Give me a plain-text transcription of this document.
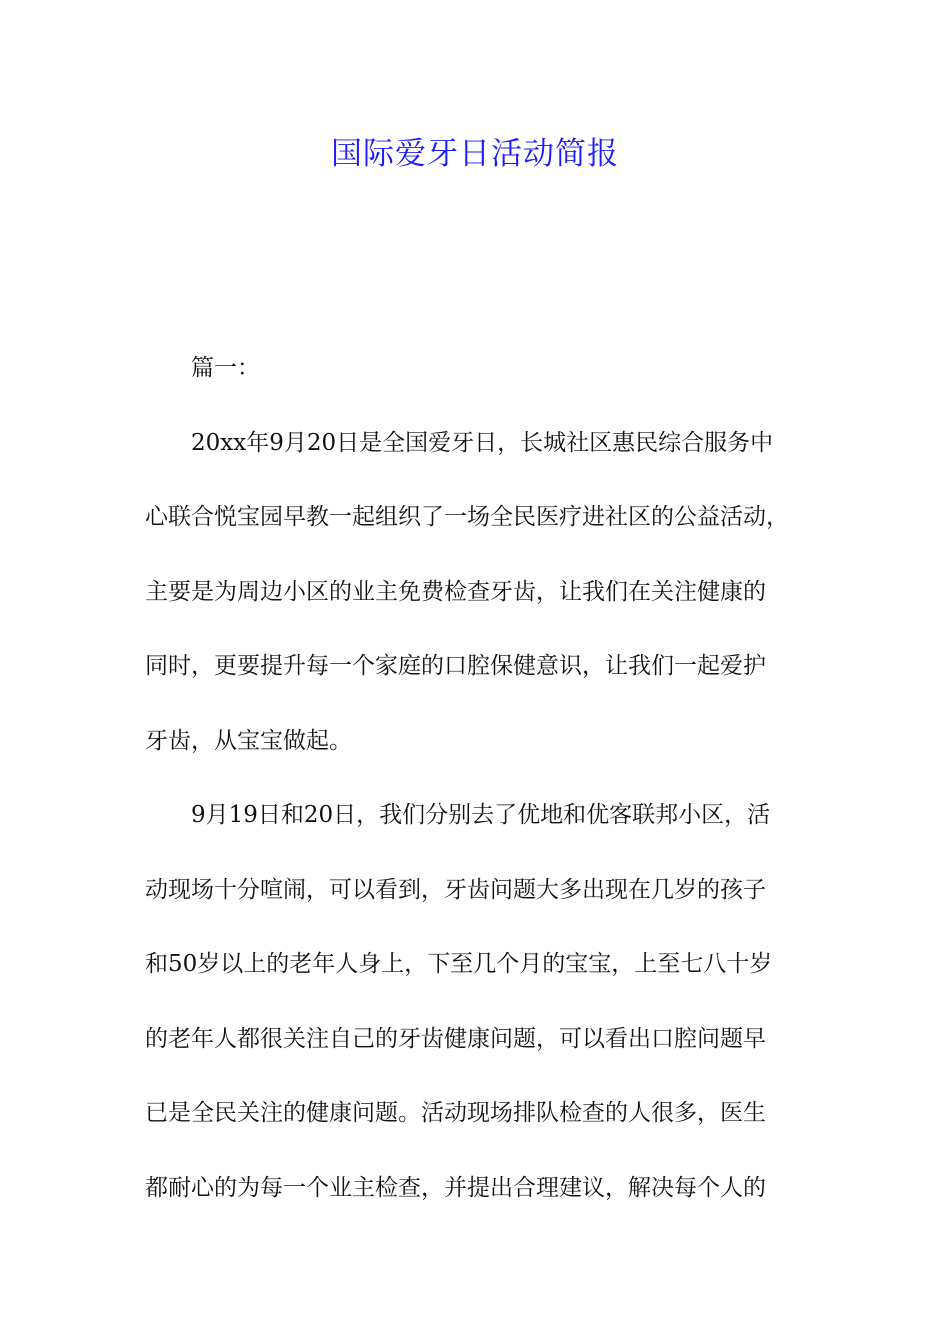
国际爱牙日活动简报

篇一：

20xx年9月20日是全国爱牙日，长城社区惠民综合服务中
心联合悦宝园早教一起组织了一场全民医疗进社区的公益活动，
主要是为周边小区的业主免费检查牙齿，让我们在关注健康的
同时，更要提升每一个家庭的口腔保健意识，让我们一起爱护
牙齿，从宝宝做起。

9月19日和20日，我们分别去了优地和优客联邦小区，活
动现场十分喧闹，可以看到，牙齿问题大多出现在几岁的孩子
和50岁以上的老年人身上，下至几个月的宝宝，上至七八十岁
的老年人都很关注自己的牙齿健康问题，可以看出口腔问题早
已是全民关注的健康问题。活动现场排队检查的人很多，医生
都耐心的为每一个业主检查，并提出合理建议，解决每个人的
